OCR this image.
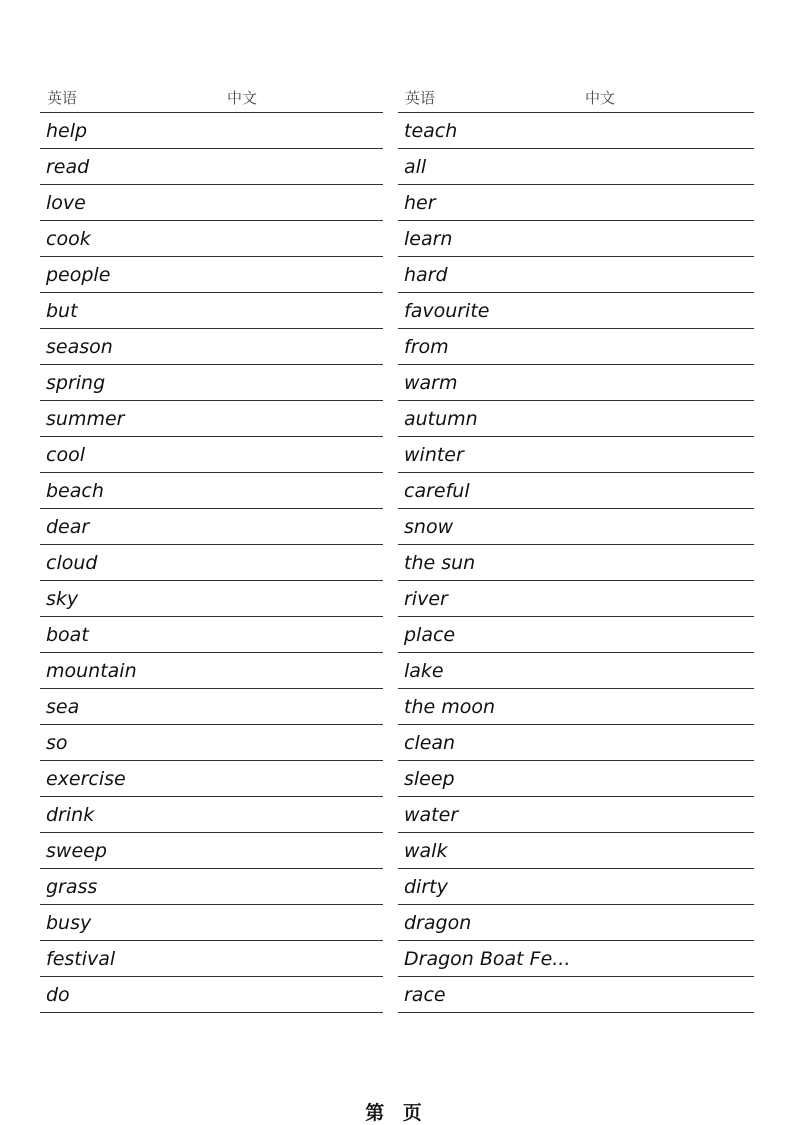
英语	中文
help
read
love
cook
people
but
season
spring
summer
cool
beach
dear
cloud
sky
boat
mountain
sea
so
exercise
drink
sweep
grass
busy
festival
do
英语	中文
teach
all
her
learn
hard
favourite
from
warm
autumn
winter
careful
snow
the sun
river
place
lake
the moon
clean
sleep
water
walk
dirty
dragon
Dragon Boat Fe...
race
第 页
